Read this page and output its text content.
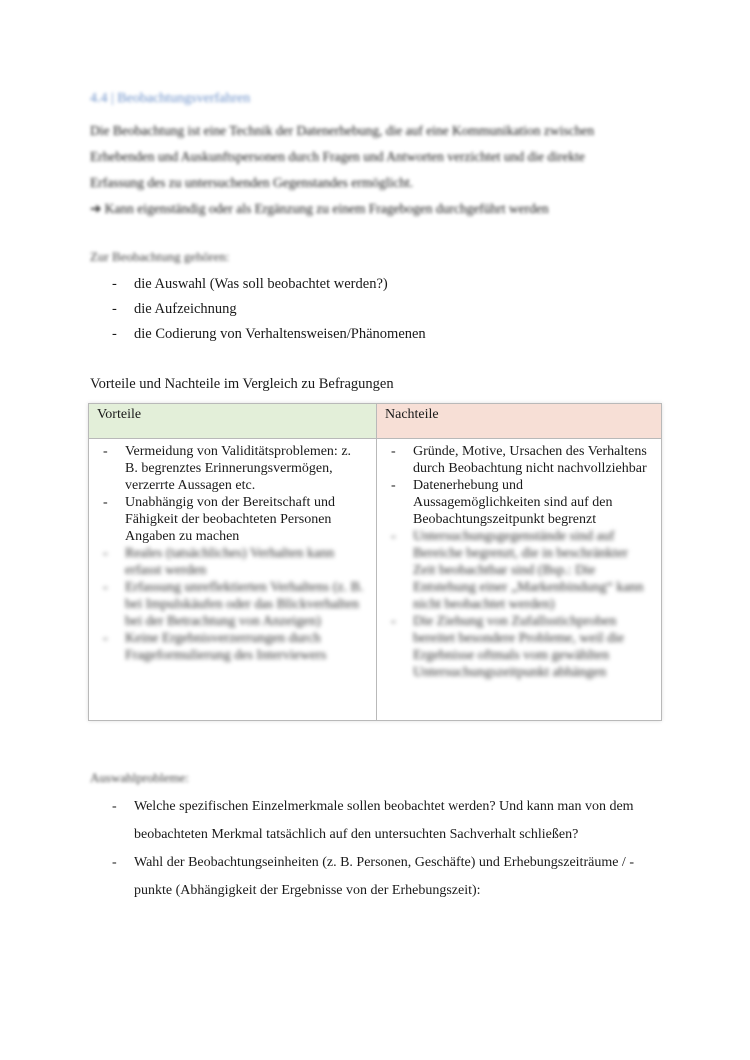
4.4 | Beobachtungsverfahren

Die Beobachtung ist eine Technik der Datenerhebung, die auf eine Kommunikation zwischen

Erhebenden und Auskunftspersonen durch Fragen und Antworten verzichtet und die direkte

Erfassung des zu untersuchenden Gegenstandes ermöglicht.

➔ Kann eigenständig oder als Ergänzung zu einem Fragebogen durchgeführt werden

Zur Beobachtung gehören:
- die Auswahl (Was soll beobachtet werden?)
- die Aufzeichnung
- die Codierung von Verhaltensweisen/Phänomenen
Vorteile und Nachteile im Vergleich zu Befragungen
Vorteile
- Vermeidung von Validitätsproblemen: z. B. begrenztes Erinnerungsvermögen, verzerrte Aussagen etc.
- Unabhängig von der Bereitschaft und Fähigkeit der beobachteten Personen Angaben zu machen
- Reales (tatsächliches) Verhalten kann erfasst werden
- Erfassung unreflektierten Verhaltens (z. B. bei Impulskäufen oder das Blickverhalten bei der Betrachtung von Anzeigen)
- Keine Ergebnisverzerrungen durch Frageformulierung des Interviewers
Nachteile
- Gründe, Motive, Ursachen des Verhaltens durch Beobachtung nicht nachvollziehbar
- Datenerhebung und Aussagemöglichkeiten sind auf den Beobachtungszeitpunkt begrenzt
- Untersuchungsgegenstände sind auf Bereiche begrenzt, die in beschränkter Zeit beobachtbar sind (Bsp.: Die Entstehung einer „Markenbindung“ kann nicht beobachtet werden)
- Die Ziehung von Zufallsstichproben bereitet besondere Probleme, weil die Ergebnisse oftmals vom gewählten Untersuchungszeitpunkt abhängen
Auswahlprobleme:
- Welche spezifischen Einzelmerkmale sollen beobachtet werden? Und kann man von dem beobachteten Merkmal tatsächlich auf den untersuchten Sachverhalt schließen?
- Wahl der Beobachtungseinheiten (z. B. Personen, Geschäfte) und Erhebungszeiträume / -punkte (Abhängigkeit der Ergebnisse von der Erhebungszeit):
